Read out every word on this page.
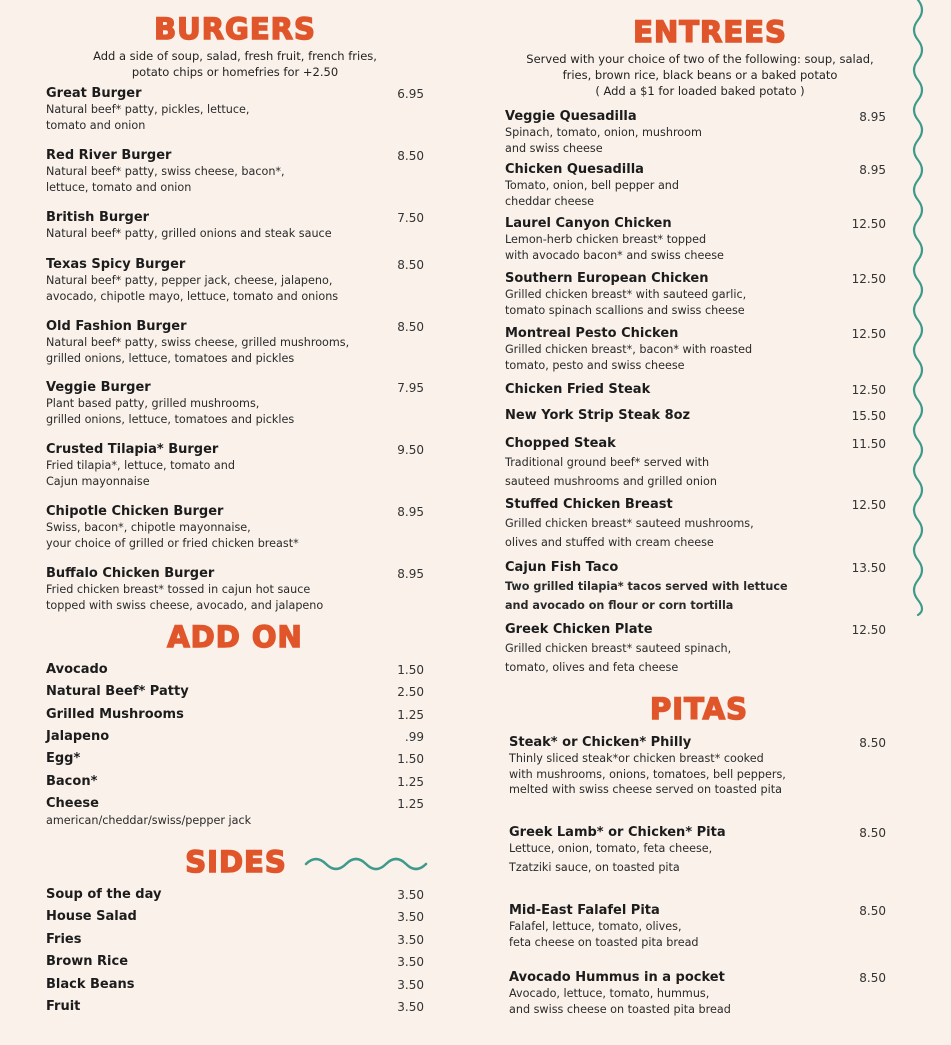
BURGERS
Add a side of soup, salad, fresh fruit, french fries,
potato chips or homefries for +2.50
Great Burger
Natural beef* patty, pickles, lettuce,
tomato and onion
6.95
Red River Burger
Natural beef* patty, swiss cheese, bacon*,
lettuce, tomato and onion
8.50
British Burger
Natural beef* patty, grilled onions and steak sauce
7.50
Texas Spicy Burger
Natural beef* patty, pepper jack, cheese, jalapeno,
avocado, chipotle mayo, lettuce, tomato and onions
8.50
Old Fashion Burger
Natural beef* patty, swiss cheese, grilled mushrooms,
grilled onions, lettuce, tomatoes and pickles
8.50
Veggie Burger
Plant based patty, grilled mushrooms,
grilled onions, lettuce, tomatoes and pickles
7.95
Crusted Tilapia* Burger
Fried tilapia*, lettuce, tomato and
Cajun mayonnaise
9.50
Chipotle Chicken Burger
Swiss, bacon*, chipotle mayonnaise,
your choice of grilled or fried chicken breast*
8.95
Buffalo Chicken Burger
Fried chicken breast* tossed in cajun hot sauce
topped with swiss cheese, avocado, and jalapeno
8.95
ADD ON
Avocado	1.50
Natural Beef* Patty	2.50
Grilled Mushrooms	1.25
Jalapeno	.99
Egg*	1.50
Bacon*	1.25
Cheese	1.25
american/cheddar/swiss/pepper jack
SIDES
Soup of the day	3.50
House Salad	3.50
Fries	3.50
Brown Rice	3.50
Black Beans	3.50
Fruit	3.50
ENTREES
Served with your choice of two of the following: soup, salad,
fries, brown rice, black beans or a baked potato
( Add a $1 for loaded baked potato )
Veggie Quesadilla
Spinach, tomato, onion, mushroom
and swiss cheese
8.95
Chicken Quesadilla
Tomato, onion, bell pepper and
cheddar cheese
8.95
Laurel Canyon Chicken
Lemon-herb chicken breast* topped
with avocado bacon* and swiss cheese
12.50
Southern European Chicken
Grilled chicken breast* with sauteed garlic,
tomato spinach scallions and swiss cheese
12.50
Montreal Pesto Chicken
Grilled chicken breast*, bacon* with roasted
tomato, pesto and swiss cheese
12.50
Chicken Fried Steak	12.50
New York Strip Steak 8oz	15.50
Chopped Steak
Traditional ground beef* served with
sauteed mushrooms and grilled onion
11.50
Stuffed Chicken Breast
Grilled chicken breast* sauteed mushrooms,
olives and stuffed with cream cheese
12.50
Cajun Fish Taco
Two grilled tilapia* tacos served with lettuce
and avocado on flour or corn tortilla
13.50
Greek Chicken Plate
Grilled chicken breast* sauteed spinach,
tomato, olives and feta cheese
12.50
PITAS
Steak* or Chicken* Philly
Thinly sliced steak*or chicken breast* cooked
with mushrooms, onions, tomatoes, bell peppers,
melted with swiss cheese served on toasted pita
8.50
Greek Lamb* or Chicken* Pita
Lettuce, onion, tomato, feta cheese,
Tzatziki sauce, on toasted pita
8.50
Mid-East Falafel Pita
Falafel, lettuce, tomato, olives,
feta cheese on toasted pita bread
8.50
Avocado Hummus in a pocket
Avocado, lettuce, tomato, hummus,
and swiss cheese on toasted pita bread
8.50
